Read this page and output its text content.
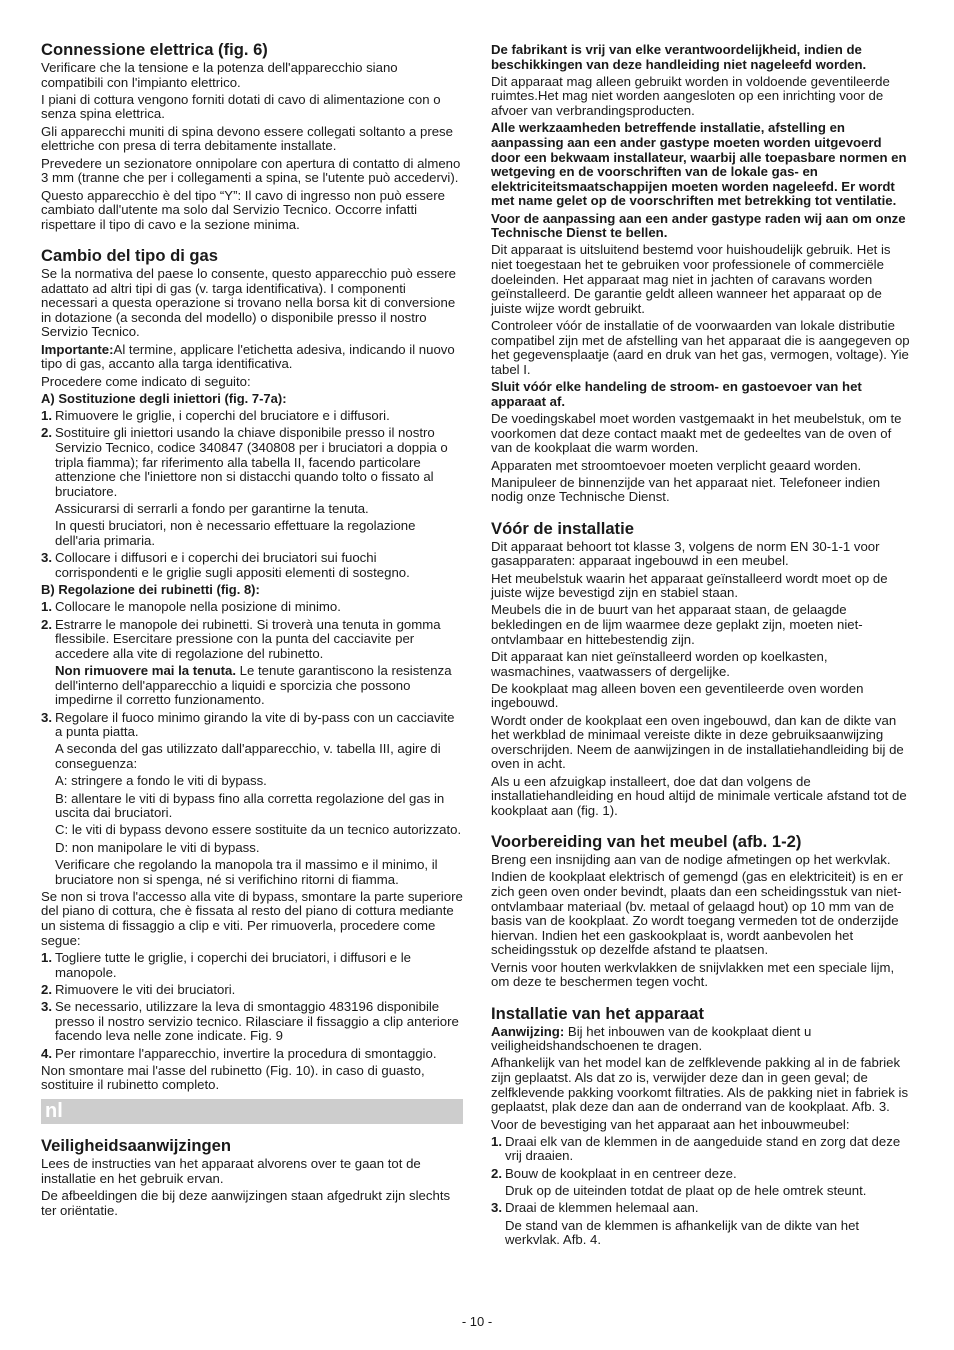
Connessione elettrica (fig. 6)

Verificare che la tensione e la potenza dell'apparecchio siano compatibili con l'impianto elettrico.

I piani di cottura vengono forniti dotati di cavo di alimentazione con o senza spina elettrica.

Gli apparecchi muniti di spina devono essere collegati soltanto a prese elettriche con presa di terra debitamente installate.

Prevedere un sezionatore onnipolare con apertura di contatto di almeno 3 mm (tranne che per i collegamenti a spina, se l'utente può accedervi).

Questo apparecchio è del tipo “Y”: Il cavo di ingresso non può essere cambiato dall'utente ma solo dal Servizio Tecnico. Occorre infatti rispettare il tipo di cavo e la sezione minima.

Cambio del tipo di gas

Se la normativa del paese lo consente, questo apparecchio può essere adattato ad altri tipi di gas (v. targa identificativa). I componenti necessari a questa operazione si trovano nella borsa kit di conversione in dotazione (a seconda del modello) o disponibile presso il nostro Servizio Tecnico.

Importante:Al termine, applicare l'etichetta adesiva, indicando il nuovo tipo di gas, accanto alla targa identificativa.

Procedere come indicato di seguito:

A) Sostituzione degli iniettori (fig. 7-7a):
1. Rimuovere le griglie, i coperchi del bruciatore e i diffusori.
2. Sostituire gli iniettori usando la chiave disponibile presso il nostro Servizio Tecnico, codice 340847 (340808 per i bruciatori a doppia o tripla fiamma); far riferimento alla tabella II, facendo particolare attenzione che l'iniettore non si distacchi quando tolto o fissato al bruciatore.

Assicurarsi di serrarli a fondo per garantirne la tenuta.

In questi bruciatori, non è necessario effettuare la regolazione dell'aria primaria.

3. Collocare i diffusori e i coperchi dei bruciatori sui fuochi corrispondenti e le griglie sugli appositi elementi di sostegno.
B) Regolazione dei rubinetti (fig. 8):
1. Collocare le manopole nella posizione di minimo.
2. Estrarre le manopole dei rubinetti. Si troverà una tenuta in gomma flessibile. Esercitare pressione con la punta del cacciavite per accedere alla vite di regolazione del rubinetto.

Non rimuovere mai la tenuta. Le tenute garantiscono la resistenza dell'interno dell'apparecchio a liquidi e sporcizia che possono impedirne il corretto funzionamento.

3. Regolare il fuoco minimo girando la vite di by-pass con un cacciavite a punta piatta.

A seconda del gas utilizzato dall'apparecchio, v. tabella III, agire di conseguenza:

A: stringere a fondo le viti di bypass.

B: allentare le viti di bypass fino alla corretta regolazione del gas in uscita dai bruciatori.

C: le viti di bypass devono essere sostituite da un tecnico autorizzato.

D: non manipolare le viti di bypass.

Verificare che regolando la manopola tra il massimo e il minimo, il bruciatore non si spenga, né si verifichino ritorni di fiamma.

Se non si trova l'accesso alla vite di bypass, smontare la parte superiore del piano di cottura, che è fissata al resto del piano di cottura mediante un sistema di fissaggio a clip e viti. Per rimuoverla, procedere come segue:

1. Togliere tutte le griglie, i coperchi dei bruciatori, i diffusori e le manopole.
2. Rimuovere le viti dei bruciatori.
3. Se necessario, utilizzare la leva di smontaggio 483196 disponibile presso il nostro servizio tecnico. Rilasciare il fissaggio a clip anteriore facendo leva nelle zone indicate. Fig. 9
4. Per rimontare l'apparecchio, invertire la procedura di smontaggio.

Non smontare mai l'asse del rubinetto (Fig. 10). in caso di guasto, sostituire il rubinetto completo.

nl
Veiligheidsaanwijzingen

Lees de instructies van het apparaat alvorens over te gaan tot de installatie en het gebruik ervan.

De afbeeldingen die bij deze aanwijzingen staan afgedrukt zijn slechts ter oriëntatie.

De fabrikant is vrij van elke verantwoordelijkheid, indien de beschikkingen van deze handleiding niet nageleefd worden.

Dit apparaat mag alleen gebruikt worden in voldoende geventileerde ruimtes.Het mag niet worden aangesloten op een inrichting voor de afvoer van verbrandingsproducten.

Alle werkzaamheden betreffende installatie, afstelling en aanpassing aan een ander gastype moeten worden uitgevoerd door een bekwaam installateur, waarbij alle toepasbare normen en wetgeving en de voorschriften van de lokale gas- en elektriciteitsmaatschappijen moeten worden nageleefd. Er wordt met name gelet op de voorschriften met betrekking tot ventilatie.

Voor de aanpassing aan een ander gastype raden wij aan om onze Technische Dienst te bellen.

Dit apparaat is uitsluitend bestemd voor huishoudelijk gebruik. Het is niet toegestaan het te gebruiken voor professionele of commerciële doeleinden. Het apparaat mag niet in jachten of caravans worden geïnstalleerd. De garantie geldt alleen wanneer het apparaat op de juiste wijze wordt gebruikt.

Controleer vóór de installatie of de voorwaarden van lokale distributie compatibel zijn met de afstelling van het apparaat die is aangegeven op het gegevensplaatje (aard en druk van het gas, vermogen, voltage). Yie tabel I.

Sluit vóór elke handeling de stroom- en gastoevoer van het apparaat af.

De voedingskabel moet worden vastgemaakt in het meubelstuk, om te voorkomen dat deze contact maakt met de gedeeltes van de oven of van de kookplaat die warm worden.

Apparaten met stroomtoevoer moeten verplicht geaard worden.

Manipuleer de binnenzijde van het apparaat niet. Telefoneer indien nodig onze Technische Dienst.

Vóór de installatie

Dit apparaat behoort tot klasse 3, volgens de norm EN 30-1-1 voor gasapparaten: apparaat ingebouwd in een meubel.

Het meubelstuk waarin het apparaat geïnstalleerd wordt moet op de juiste wijze bevestigd zijn en stabiel staan.

Meubels die in de buurt van het apparaat staan, de gelaagde bekledingen en de lijm waarmee deze geplakt zijn, moeten niet-ontvlambaar en hittebestendig zijn.

Dit apparaat kan niet geïnstalleerd worden op koelkasten, wasmachines, vaatwassers of dergelijke.

De kookplaat mag alleen boven een geventileerde oven worden ingebouwd.

Wordt onder de kookplaat een oven ingebouwd, dan kan de dikte van het werkblad de minimaal vereiste dikte in deze gebruiksaanwijzing overschrijden. Neem de aanwijzingen in de installatiehandleiding bij de oven in acht.

Als u een afzuigkap installeert, doe dat dan volgens de installatiehandleiding en houd altijd de minimale verticale afstand tot de kookplaat aan (fig. 1).

Voorbereiding van het meubel (afb. 1-2)

Breng een insnijding aan van de nodige afmetingen op het werkvlak.

Indien de kookplaat elektrisch of gemengd (gas en elektriciteit) is en er zich geen oven onder bevindt, plaats dan een scheidingsstuk van niet-ontvlambaar materiaal (bv. metaal of gelaagd hout) op 10 mm van de basis van de kookplaat. Zo wordt toegang vermeden tot de onderzijde hiervan. Indien het een gaskookplaat is, wordt aanbevolen het scheidingsstuk op dezelfde afstand te plaatsen.

Vernis voor houten werkvlakken de snijvlakken met een speciale lijm, om deze te beschermen tegen vocht.

Installatie van het apparaat

Aanwijzing: Bij het inbouwen van de kookplaat dient u veiligheidshandschoenen te dragen.

Afhankelijk van het model kan de zelfklevende pakking al in de fabriek zijn geplaatst. Als dat zo is, verwijder deze dan in geen geval; de zelfklevende pakking voorkomt filtraties. Als de pakking niet in fabriek is geplaatst, plak deze dan aan de onderrand van de kookplaat. Afb. 3.

Voor de bevestiging van het apparaat aan het inbouwmeubel:

1. Draai elk van de klemmen in de aangeduide stand en zorg dat deze vrij draaien.
2. Bouw de kookplaat in en centreer deze.

Druk op de uiteinden totdat de plaat op de hele omtrek steunt.

3. Draai de klemmen helemaal aan.

De stand van de klemmen is afhankelijk van de dikte van het werkvlak. Afb. 4.

- 10 -
